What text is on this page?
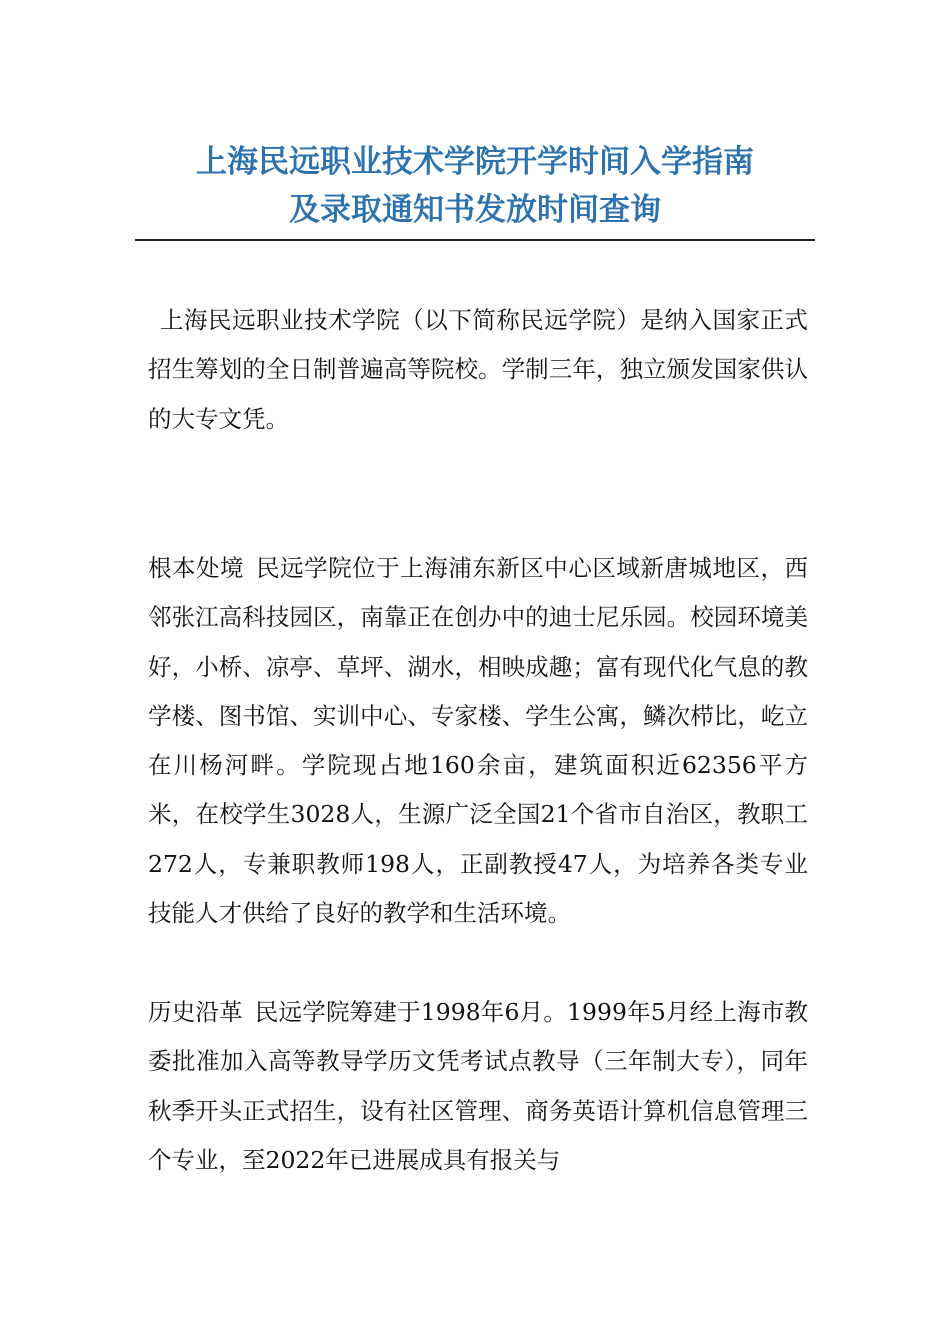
上海民远职业技术学院开学时间入学指南
及录取通知书发放时间查询

上海民远职业技术学院（以下简称民远学院）是纳入国家正式招生筹划的全日制普遍高等院校。学制三年，独立颁发国家供认的大专文凭。

根本处境 民远学院位于上海浦东新区中心区域新唐城地区，西邻张江高科技园区，南靠正在创办中的迪士尼乐园。校园环境美好，小桥、凉亭、草坪、湖水，相映成趣；富有现代化气息的教学楼、图书馆、实训中心、专家楼、学生公寓，鳞次栉比，屹立在川杨河畔。学院现占地160余亩，建筑面积近62356平方米，在校学生3028人，生源广泛全国21个省市自治区，教职工272人，专兼职教师198人，正副教授47人，为培养各类专业技能人才供给了良好的教学和生活环境。

历史沿革 民远学院筹建于1998年6月。1999年5月经上海市教委批准加入高等教导学历文凭考试点教导（三年制大专），同年秋季开头正式招生，设有社区管理、商务英语计算机信息管理三个专业，至2022年已进展成具有报关与
